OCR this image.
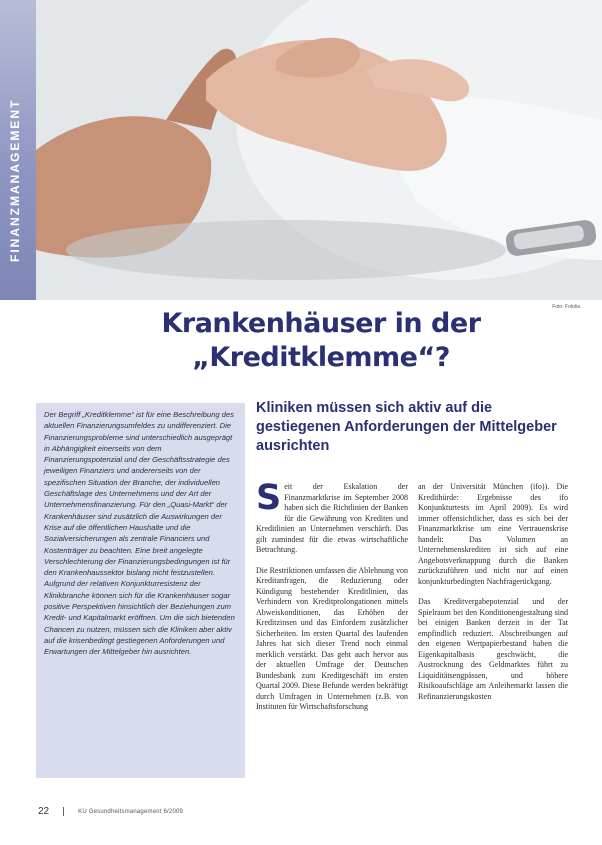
FINANZMANAGEMENT
Foto: Fotolia
Krankenhäuser in der
„Kreditklemme“?
Kliniken müssen sich aktiv auf die gestiegenen Anforderungen der Mittelgeber ausrichten
Der Begriff „Kreditklemme“ ist für eine Beschreibung des aktuellen Finanzierungsumfeldes zu undifferenziert. Die Finanzierungsprobleme sind unterschiedlich ausgeprägt in Abhängigkeit einerseits von dem Finanzierungspotenzial und der Geschäftsstrategie des jeweiligen Finanziers und andererseits von der spezifischen Situation der Branche, der individuellen Geschäftslage des Unternehmens und der Art der Unternehmensfinanzierung. Für den „Quasi-Markt“ der Krankenhäuser sind zusätzlich die Auswirkungen der Krise auf die öffentlichen Haushalte und die Sozialversicherungen als zentrale Financiers und Kostenträger zu beachten. Eine breit angelegte Verschlechterung der Finanzierungsbedingungen ist für den Krankenhaussektor bislang nicht festzustellen. Aufgrund der relativen Konjunkturresistenz der Klinikbranche können sich für die Krankenhäuser sogar positive Perspektiven hinsichtlich der Beziehungen zum Kredit- und Kapitalmarkt eröffnen. Um die sich bietenden Chancen zu nutzen, müssen sich die Kliniken aber aktiv auf die krisenbedingt gestiegenen Anforderungen und Erwartungen der Mittelgeber hin ausrichten.

Seit der Eskalation der Finanzmarktkrise im September 2008 haben sich die Richtlinien der Banken für die Gewährung von Krediten und Kreditlinien an Unternehmen verschärft. Das gilt zumindest für die etwas wirtschaftliche Betrachtung.

Die Restriktionen umfassen die Ablehnung von Kreditanfragen, die Reduzierung oder Kündigung bestehender Kreditlinien, das Verhindern von Kreditprolongationen mittels Abweiskonditionen, das Erhöhen der Kreditzinsen und das Einfordern zusätzlicher Sicherheiten. Im ersten Quartal des laufenden Jahres hat sich dieser Trend noch einmal merklich verstärkt. Das geht auch hervor aus der aktuellen Umfrage der Deutschen Bundesbank zum Kreditgeschäft im ersten Quartal 2009. Diese Befunde werden bekräftigt durch Umfragen in Unternehmen (z.B. von Instituten für Wirtschaftsforschung

an der Universität München (ifo)). Die Kredithürde: Ergebnisse des ifo Konjunkturtests im April 2009). Es wird immer offensichtlicher, dass es sich bei der Finanzmarktkrise um eine Vertrauenskrise handelt: Das Volumen an Unternehmenskrediten ist sich auf eine Angebotsverknappung durch die Banken zurückzuführen und nicht nur auf einen konjunkturbedingten Nachfragerückgang.

Das Kreditvergabepotenzial und der Spielraum bei den Konditionengestaltung sind bei einigen Banken derzeit in der Tat empfindlich reduziert. Abschreibungen auf den eigenen Wertpapierbestand haben die Eigenkapitalbasis geschwächt, die Austrocknung des Geldmarktes führt zu Liquiditätsengpässen, und höhere Risikoaufschläge am Anleihemarkt lassen die Refinanzierungskosten

22	KU Gesundheitsmanagement 6/2009
